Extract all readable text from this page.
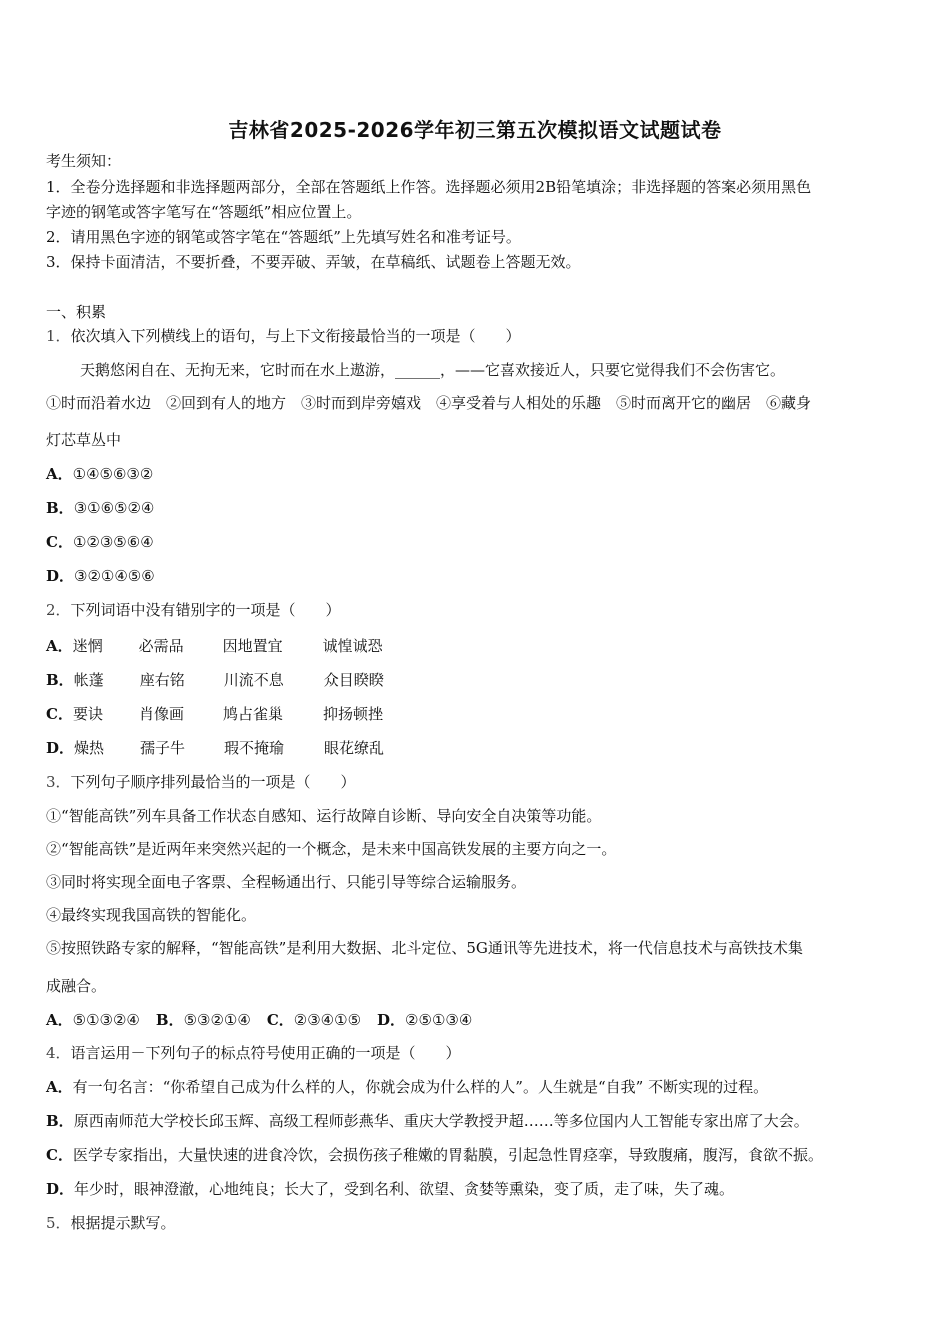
吉林省2025-2026学年初三第五次模拟语文试题试卷
考生须知：
1．全卷分选择题和非选择题两部分，全部在答题纸上作答。选择题必须用2B铅笔填涂；非选择题的答案必须用黑色
字迹的钢笔或答字笔写在“答题纸”相应位置上。
2．请用黑色字迹的钢笔或答字笔在“答题纸”上先填写姓名和准考证号。
3．保持卡面清洁，不要折叠，不要弄破、弄皱，在草稿纸、试题卷上答题无效。
一、积累
1．依次填入下列横线上的语句，与上下文衔接最恰当的一项是（　　）
天鹅悠闲自在、无拘无来，它时而在水上遨游，______，——它喜欢接近人，只要它觉得我们不会伤害它。
①时而沿着水边　②回到有人的地方　③时而到岸旁嬉戏　④享受着与人相处的乐趣　⑤时而离开它的幽居　⑥藏身
灯芯草丛中
A．①④⑤⑥③②
B．③①⑥⑤②④
C．①②③⑤⑥④
D．③②①④⑤⑥
2．下列词语中没有错别字的一项是（　　）
A．迷惘 必需品	因地置宜	诚惶诚恐
B．帐蓬 座右铭	川流不息	众目睽睽
C．要诀 肖像画	鸠占雀巢	抑扬顿挫
D．燥热 孺子牛	瑕不掩瑜	眼花缭乱
3．下列句子顺序排列最恰当的一项是（　　）
①“智能高铁”列车具备工作状态自感知、运行故障自诊断、导向安全自决策等功能。
②“智能高铁”是近两年来突然兴起的一个概念，是未来中国高铁发展的主要方向之一。
③同时将实现全面电子客票、全程畅通出行、只能引导等综合运输服务。
④最终实现我国高铁的智能化。
⑤按照铁路专家的解释，“智能高铁”是利用大数据、北斗定位、5G通讯等先进技术，将一代信息技术与高铁技术集
成融合。
A．⑤①③②④ B．⑤③②①④ C．②③④①⑤ D．②⑤①③④
4．语言运用－下列句子的标点符号使用正确的一项是（　　）
A．有一句名言：“你希望自己成为什么样的人，你就会成为什么样的人”。人生就是“自我” 不断实现的过程。
B．原西南师范大学校长邱玉辉、高级工程师彭燕华、重庆大学教授尹超……等多位国内人工智能专家出席了大会。
C．医学专家指出，大量快速的进食冷饮，会损伤孩子稚嫩的胃黏膜，引起急性胃痉挛，导致腹痛，腹泻，食欲不振。
D．年少时，眼神澄澈，心地纯良；长大了，受到名利、欲望、贪婪等熏染，变了质，走了味，失了魂。
5．根据提示默写。
